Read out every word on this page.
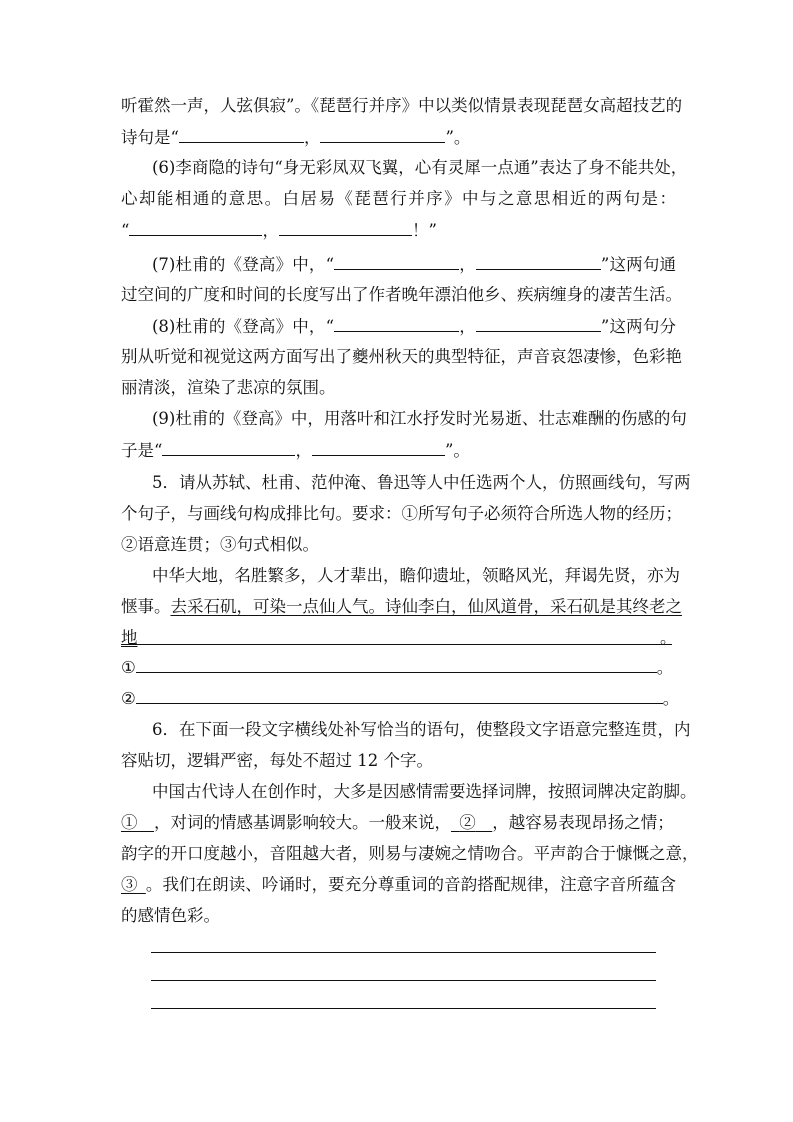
听霍然一声，人弦俱寂”。《琵琶行并序》中以类似情景表现琵琶女高超技艺的
诗句是“	，	”。
(6)李商隐的诗句“身无彩凤双飞翼，心有灵犀一点通”表达了身不能共处，
心却能相通的意思。白居易《琵琶行并序》中与之意思相近的两句是：
“	，	！”
(7)杜甫的《登高》中，“	，	”这两句通
过空间的广度和时间的长度写出了作者晚年漂泊他乡、疾病缠身的凄苦生活。
(8)杜甫的《登高》中，“	，	”这两句分
别从听觉和视觉这两方面写出了夔州秋天的典型特征，声音哀怨凄惨，色彩艳
丽清淡，渲染了悲凉的氛围。
(9)杜甫的《登高》中，用落叶和江水抒发时光易逝、壮志难酬的伤感的句
子是“	，	”。
5．请从苏轼、杜甫、范仲淹、鲁迅等人中任选两个人，仿照画线句，写两
个句子，与画线句构成排比句。要求：①所写句子必须符合所选人物的经历；
②语意连贯；③句式相似。
中华大地，名胜繁多，人才辈出，瞻仰遗址，领略风光，拜谒先贤，亦为
惬事。去采石矶，可染一点仙人气。诗仙李白，仙风道骨，采石矶是其终老之
地	。
①	。
②	。
6．在下面一段文字横线处补写恰当的语句，使整段文字语意完整连贯，内
容贴切，逻辑严密，每处不超过 12 个字。
中国古代诗人在创作时，大多是因感情需要选择词牌，按照词牌决定韵脚。
①  ，对词的情感基调影响较大。一般来说，  ②  ，越容易表现昂扬之情；
韵字的开口度越小，音阻越大者，则易与凄婉之情吻合。平声韵合于慷慨之意，
③  。我们在朗读、吟诵时，要充分尊重词的音韵搭配规律，注意字音所蕴含
的感情色彩。
